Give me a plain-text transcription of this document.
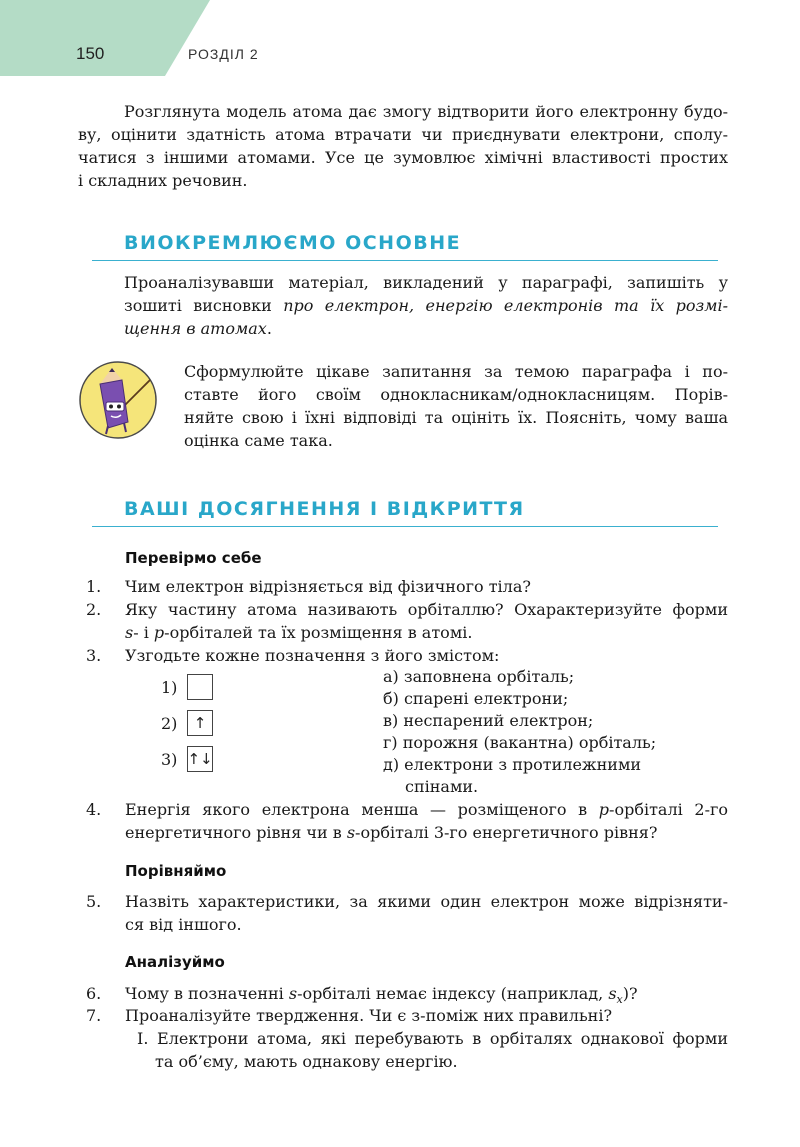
150	РОЗДІЛ 2
Розглянута модель атома дає змогу відтворити його електронну будо-
ву, оцінити здатність атома втрачати чи приєднувати електрони, сполу-
чатися з іншими атомами. Усе це зумовлює хімічні властивості простих
і складних речовин.
ВИОКРЕМЛЮЄМО ОСНОВНЕ
Проаналізувавши матеріал, викладений у параграфі, запишіть у
зошиті висновки про електрон, енергію електронів та їх розмі-
щення в атомах.
Сформулюйте цікаве запитання за темою параграфа і по-
ставте його своїм однокласникам/однокласницям. Порів-
няйте свою і їхні відповіді та оцініть їх. Поясніть, чому ваша
оцінка саме така.
ВАШІ ДОСЯГНЕННЯ І ВІДКРИТТЯ
Перевірмо себе
1. Чим електрон відрізняється від фізичного тіла?
2. Яку частину атома називають орбіталлю? Охарактеризуйте форми
s- і p-орбіталей та їх розміщення в атомі.
3. Узгодьте кожне позначення з його змістом:
1)
2)	↑
3) ↑↓
а) заповнена орбіталь;
б) спарені електрони;
в) неспарений електрон;
г) порожня (вакантна) орбіталь;
д) електрони з протилежними
спінами.
4. Енергія якого електрона менша — розміщеного в p-орбіталі 2-го
енергетичного рівня чи в s-орбіталі 3-го енергетичного рівня?
Порівняймо
5. Назвіть характеристики, за якими один електрон може відрізняти-
ся від іншого.
Аналізуймо
6. Чому в позначенні s-орбіталі немає індексу (наприклад, $s_x$)?
7. Проаналізуйте твердження. Чи є з-поміж них правильні?
І. Електрони атома, які перебувають в орбіталях однакової форми
та об’єму, мають однакову енергію.
